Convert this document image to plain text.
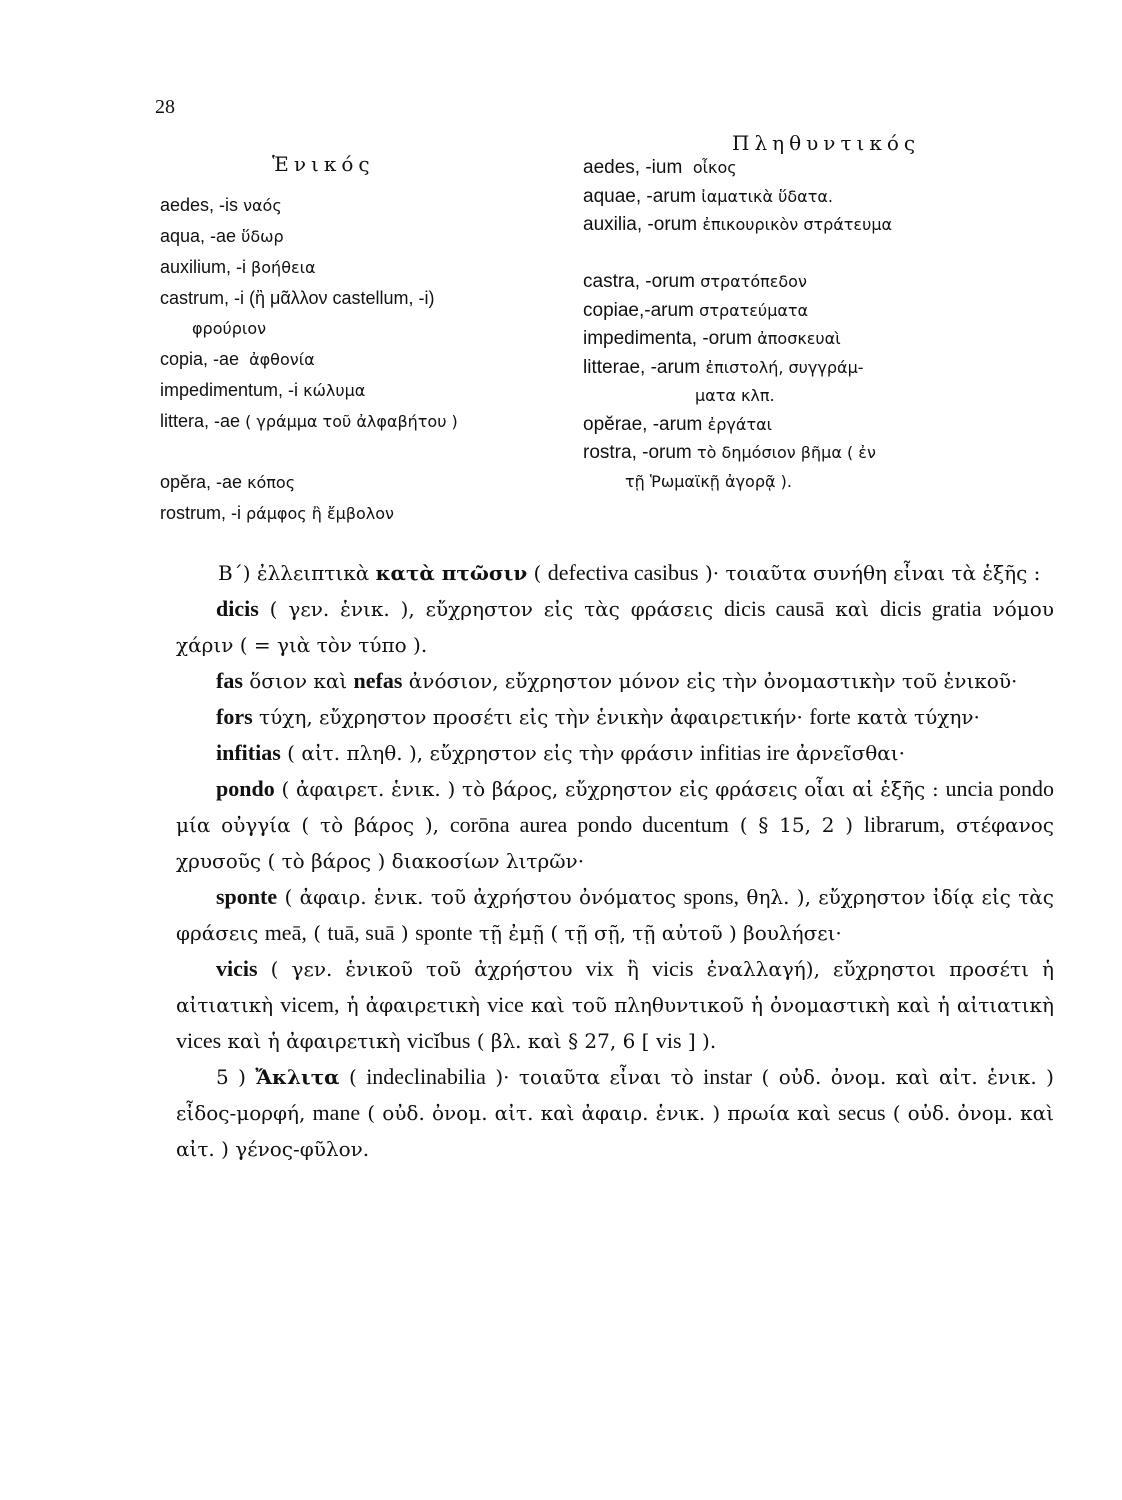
28
Ἑνικός
Πληθυντικός
aedes, -is ναός
aqua, -ae ὕδωρ
auxilium, -i βοήθεια
castrum, -i (ἢ μᾶλλον castellum, -i)
φρούριον
copia, -ae ἀφθονία
impedimentum, -i κώλυμα
littera, -ae ( γράμμα τοῦ ἀλφαβήτου )

opĕra, -ae κόπος
rostrum, -i ράμφος ἢ ἔμβολον
aedes, -ium οἶκος
aquae, -arum ἰαματικὰ ὕδατα.
auxilia, -orum ἐπικουρικὸν στράτευμα

castra, -orum στρατόπεδον
copiae,-arum στρατεύματα
impedimenta, -orum ἀποσκευαὶ
litterae, -arum ἐπιστολή, συγγράμ-
ματα κλπ.
opĕrae, -arum ἐργάται
rostra, -orum τὸ δημόσιον βῆμα ( ἐν
τῇ Ῥωμαϊκῇ ἀγορᾷ ).

Β΄) ἐλλειπτικὰ κατὰ πτῶσιν ( defectiva casibus )· τοιαῦτα συνήθη εἶναι τὰ ἑξῆς :

dicis ( γεν. ἑνικ. ), εὔχρηστον εἰς τὰς φράσεις dicis causā καὶ dicis gratia νόμου χάριν ( = γιὰ τὸν τύπο ).

fas ὅσιον καὶ nefas ἀνόσιον, εὔχρηστον μόνον εἰς τὴν ὀνομαστικὴν τοῦ ἑνικοῦ·

fors τύχη, εὔχρηστον προσέτι εἰς τὴν ἑνικὴν ἀφαιρετικήν· forte κατὰ τύχην·

infitias ( αἰτ. πληθ. ), εὔχρηστον εἰς τὴν φράσιν infitias ire ἀρνεῖσθαι·

pondo ( ἀφαιρετ. ἑνικ. ) τὸ βάρος, εὔχρηστον εἰς φράσεις οἷαι αἱ ἑξῆς : uncia pondo μία οὐγγία ( τὸ βάρος ), corōna aurea pondo ducentum ( § 15, 2 ) librarum, στέφανος χρυσοῦς ( τὸ βάρος ) διακοσίων λιτρῶν·

sponte ( ἀφαιρ. ἑνικ. τοῦ ἀχρήστου ὀνόματος spons, θηλ. ), εὔχρηστον ἰδίᾳ εἰς τὰς φράσεις meā, ( tuā, suā ) sponte τῇ ἐμῇ ( τῇ σῇ, τῇ αὐτοῦ ) βουλήσει·

vicis ( γεν. ἑνικοῦ τοῦ ἀχρήστου vix ἢ vicis ἐναλλαγή), εὔχρηστοι προσέτι ἡ αἰτιατικὴ vicem, ἡ ἀφαιρετικὴ vice καὶ τοῦ πληθυντικοῦ ἡ ὀνομαστικὴ καὶ ἡ αἰτιατικὴ vices καὶ ἡ ἀφαιρετικὴ vicĭbus ( βλ. καὶ § 27, 6 [ vis ] ).

5 ) Ἄκλιτα ( indeclinabilia )· τοιαῦτα εἶναι τὸ instar ( οὐδ. ὀνομ. καὶ αἰτ. ἑνικ. ) εἶδος-μορφή, mane ( οὐδ. ὀνομ. αἰτ. καὶ ἀφαιρ. ἑνικ. ) πρωία καὶ secus ( οὐδ. ὀνομ. καὶ αἰτ. ) γένος-φῦλον.
